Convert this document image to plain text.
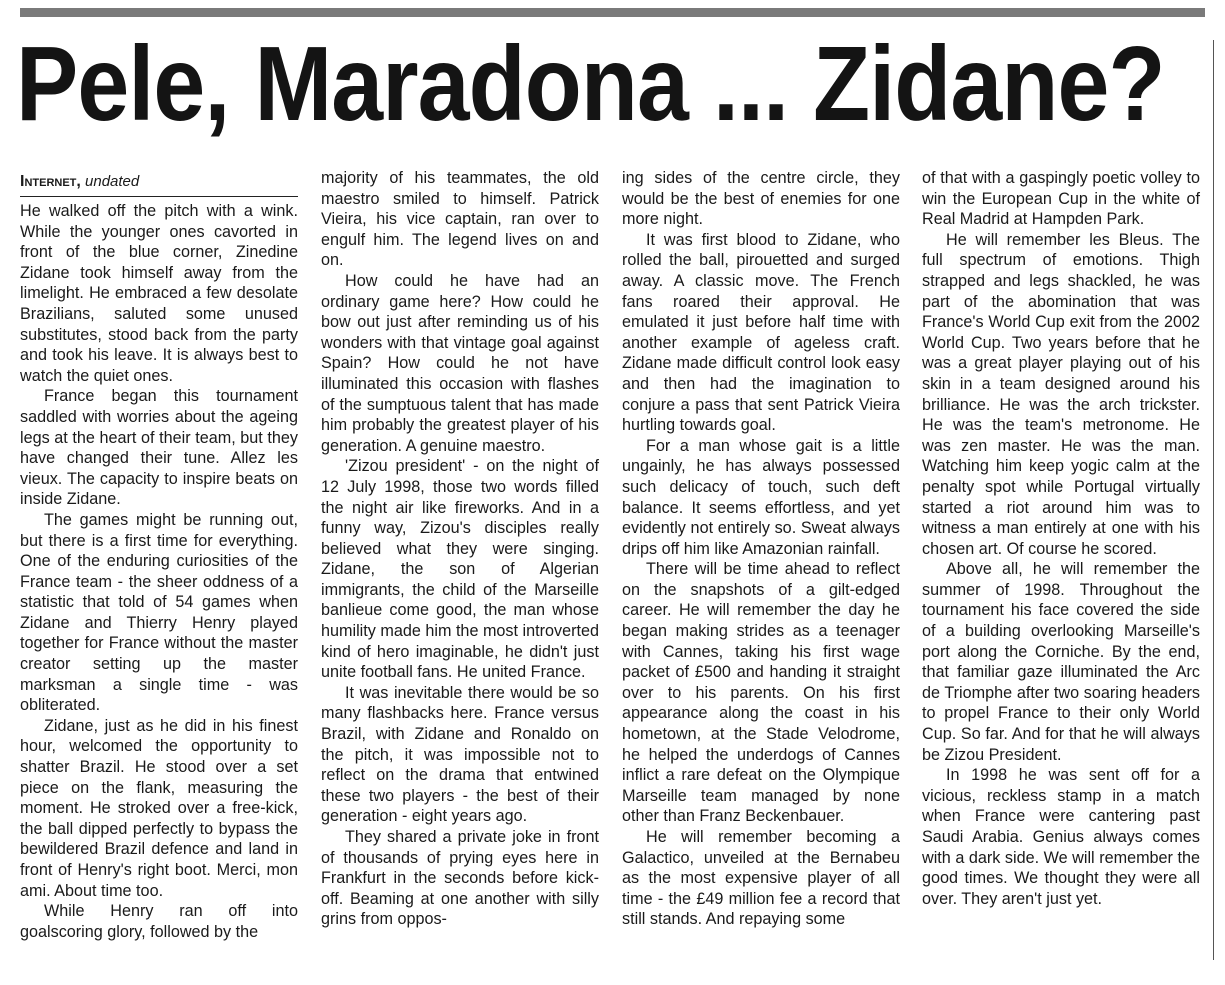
Pele, Maradona ... Zidane?
Internet, undated

He walked off the pitch with a wink. While the younger ones cavorted in front of the blue corner, Zinedine Zidane took himself away from the limelight. He embraced a few desolate Brazilians, saluted some unused substitutes, stood back from the party and took his leave. It is always best to watch the quiet ones.

France began this tournament saddled with worries about the ageing legs at the heart of their team, but they have changed their tune. Allez les vieux. The capacity to inspire beats on inside Zidane.

The games might be running out, but there is a first time for everything. One of the enduring curiosities of the France team - the sheer oddness of a statistic that told of 54 games when Zidane and Thierry Henry played together for France without the master creator setting up the master marksman a single time - was obliterated.

Zidane, just as he did in his finest hour, welcomed the opportunity to shatter Brazil. He stood over a set piece on the flank, measuring the moment. He stroked over a free-kick, the ball dipped perfectly to bypass the bewildered Brazil defence and land in front of Henry's right boot. Merci, mon ami. About time too.

While Henry ran off into goalscoring glory, followed by the

majority of his teammates, the old maestro smiled to himself. Patrick Vieira, his vice captain, ran over to engulf him. The legend lives on and on.

How could he have had an ordinary game here? How could he bow out just after reminding us of his wonders with that vintage goal against Spain? How could he not have illuminated this occasion with flashes of the sumptuous talent that has made him probably the greatest player of his generation. A genuine maestro.

'Zizou president' - on the night of 12 July 1998, those two words filled the night air like fireworks. And in a funny way, Zizou's disciples really believed what they were singing. Zidane, the son of Algerian immigrants, the child of the Marseille banlieue come good, the man whose humility made him the most introverted kind of hero imaginable, he didn't just unite football fans. He united France.

It was inevitable there would be so many flashbacks here. France versus Brazil, with Zidane and Ronaldo on the pitch, it was impossible not to reflect on the drama that entwined these two players - the best of their generation - eight years ago.

They shared a private joke in front of thousands of prying eyes here in Frankfurt in the seconds before kick-off. Beaming at one another with silly grins from oppos-

ing sides of the centre circle, they would be the best of enemies for one more night.

It was first blood to Zidane, who rolled the ball, pirouetted and surged away. A classic move. The French fans roared their approval. He emulated it just before half time with another example of ageless craft. Zidane made difficult control look easy and then had the imagination to conjure a pass that sent Patrick Vieira hurtling towards goal.

For a man whose gait is a little ungainly, he has always possessed such delicacy of touch, such deft balance. It seems effortless, and yet evidently not entirely so. Sweat always drips off him like Amazonian rainfall.

There will be time ahead to reflect on the snapshots of a gilt-edged career. He will remember the day he began making strides as a teenager with Cannes, taking his first wage packet of £500 and handing it straight over to his parents. On his first appearance along the coast in his hometown, at the Stade Velodrome, he helped the underdogs of Cannes inflict a rare defeat on the Olympique Marseille team managed by none other than Franz Beckenbauer.

He will remember becoming a Galactico, unveiled at the Bernabeu as the most expensive player of all time - the £49 million fee a record that still stands. And repaying some

of that with a gaspingly poetic volley to win the European Cup in the white of Real Madrid at Hampden Park.

He will remember les Bleus. The full spectrum of emotions. Thigh strapped and legs shackled, he was part of the abomination that was France's World Cup exit from the 2002 World Cup. Two years before that he was a great player playing out of his skin in a team designed around his brilliance. He was the arch trickster. He was the team's metronome. He was zen master. He was the man. Watching him keep yogic calm at the penalty spot while Portugal virtually started a riot around him was to witness a man entirely at one with his chosen art. Of course he scored.

Above all, he will remember the summer of 1998. Throughout the tournament his face covered the side of a building overlooking Marseille's port along the Corniche. By the end, that familiar gaze illuminated the Arc de Triomphe after two soaring headers to propel France to their only World Cup. So far. And for that he will always be Zizou President.

In 1998 he was sent off for a vicious, reckless stamp in a match when France were cantering past Saudi Arabia. Genius always comes with a dark side. We will remember the good times. We thought they were all over. They aren't just yet.
